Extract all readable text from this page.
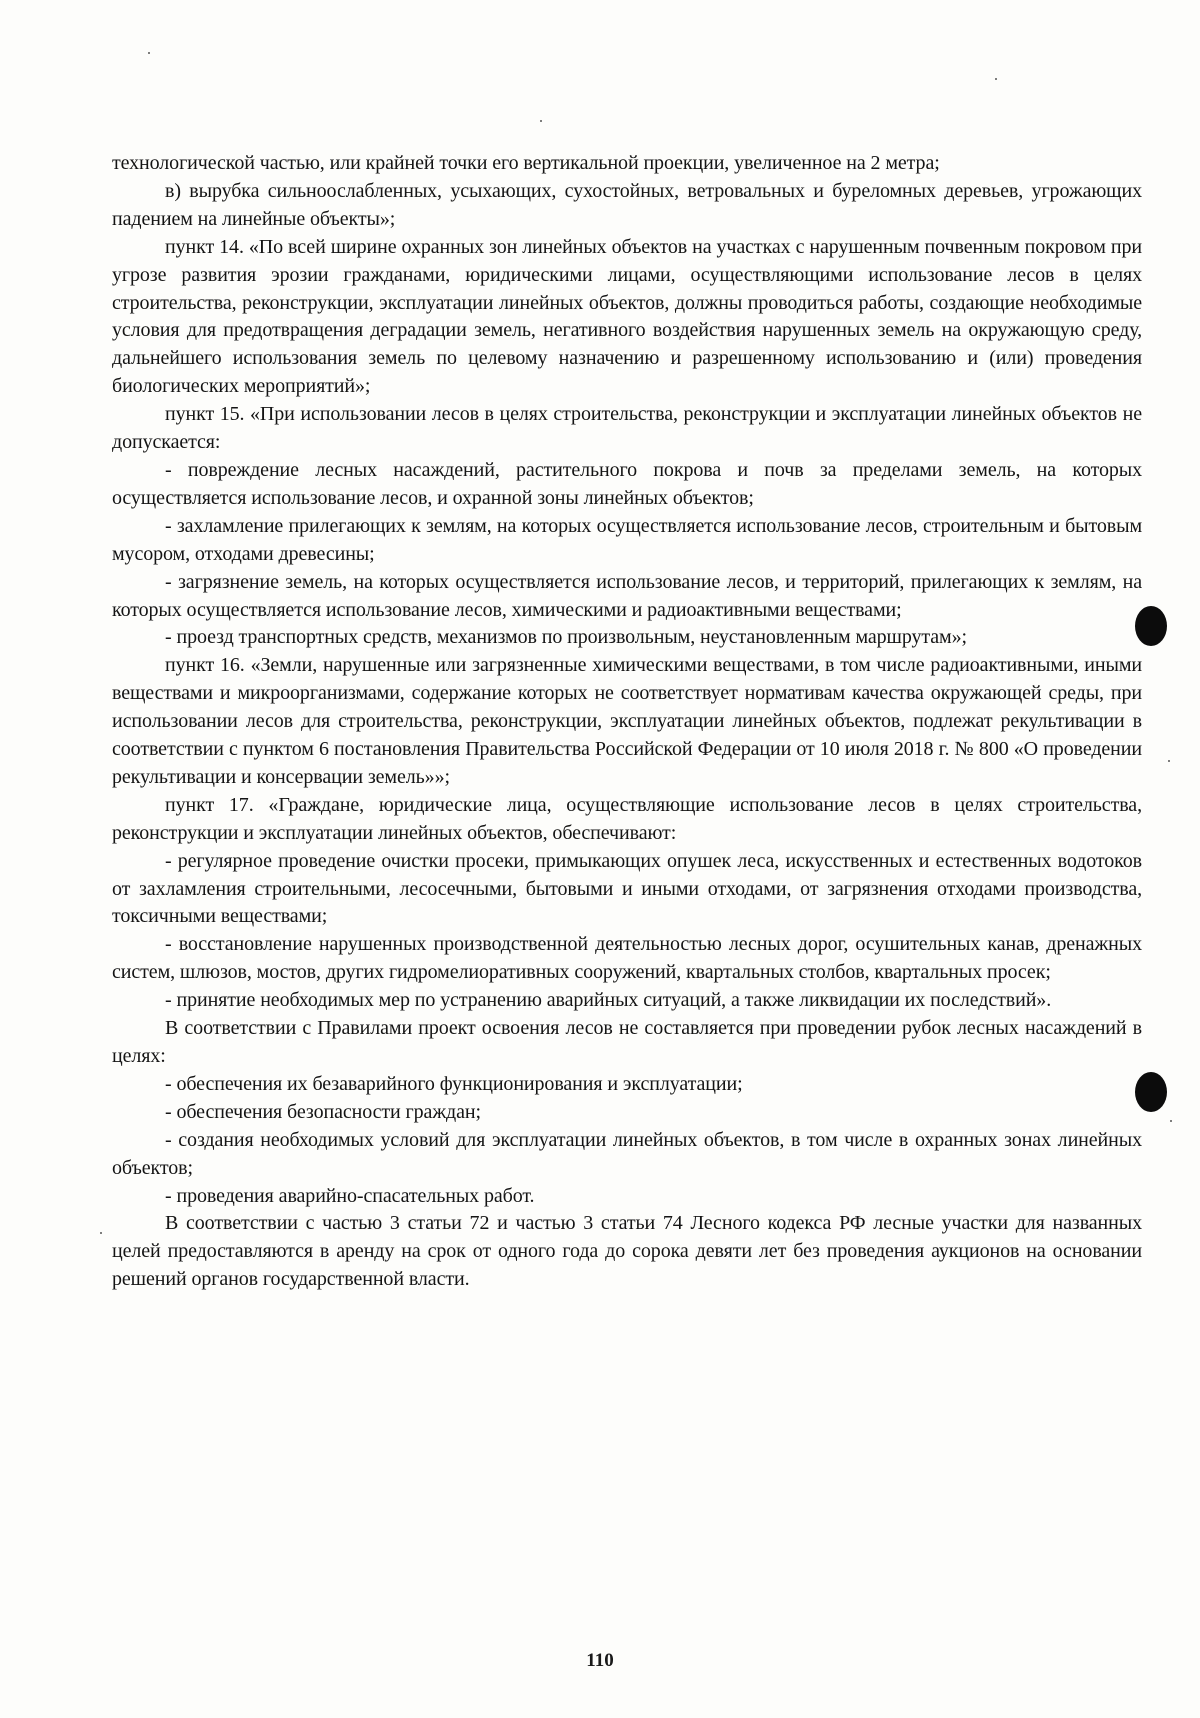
технологической частью, или крайней точки его вертикальной проекции, увеличенное на 2 метра;

в) вырубка сильноослабленных, усыхающих, сухостойных, ветровальных и буреломных деревьев, угрожающих падением на линейные объекты»;

пункт 14. «По всей ширине охранных зон линейных объектов на участках с нарушенным почвенным покровом при угрозе развития эрозии гражданами, юридическими лицами, осуществляющими использование лесов в целях строительства, реконструкции, эксплуатации линейных объектов, должны проводиться работы, создающие необходимые условия для предотвращения деградации земель, негативного воздействия нарушенных земель на окружающую среду, дальнейшего использования земель по целевому назначению и разрешенному использованию и (или) проведения биологических мероприятий»;

пункт 15. «При использовании лесов в целях строительства, реконструкции и эксплуатации линейных объектов не допускается:

- повреждение лесных насаждений, растительного покрова и почв за пределами земель, на которых осуществляется использование лесов, и охранной зоны линейных объектов;

- захламление прилегающих к землям, на которых осуществляется использование лесов, строительным и бытовым мусором, отходами древесины;

- загрязнение земель, на которых осуществляется использование лесов, и территорий, прилегающих к землям, на которых осуществляется использование лесов, химическими и радиоактивными веществами;

- проезд транспортных средств, механизмов по произвольным, неустановленным маршрутам»;

пункт 16. «Земли, нарушенные или загрязненные химическими веществами, в том числе радиоактивными, иными веществами и микроорганизмами, содержание которых не соответствует нормативам качества окружающей среды, при использовании лесов для строительства, реконструкции, эксплуатации линейных объектов, подлежат рекультивации в соответствии с пунктом 6 постановления Правительства Российской Федерации от 10 июля 2018 г. № 800 «О проведении рекультивации и консервации земель»»;

пункт 17. «Граждане, юридические лица, осуществляющие использование лесов в целях строительства, реконструкции и эксплуатации линейных объектов, обеспечивают:

- регулярное проведение очистки просеки, примыкающих опушек леса, искусственных и естественных водотоков от захламления строительными, лесосечными, бытовыми и иными отходами, от загрязнения отходами производства, токсичными веществами;

- восстановление нарушенных производственной деятельностью лесных дорог, осушительных канав, дренажных систем, шлюзов, мостов, других гидромелиоративных сооружений, квартальных столбов, квартальных просек;

- принятие необходимых мер по устранению аварийных ситуаций, а также ликвидации их последствий».

В соответствии с Правилами проект освоения лесов не составляется при проведении рубок лесных насаждений в целях:

- обеспечения их безаварийного функционирования и эксплуатации;

- обеспечения безопасности граждан;

- создания необходимых условий для эксплуатации линейных объектов, в том числе в охранных зонах линейных объектов;

- проведения аварийно-спасательных работ.

В соответствии с частью 3 статьи 72 и частью 3 статьи 74 Лесного кодекса РФ лесные участки для названных целей предоставляются в аренду на срок от одного года до сорока девяти лет без проведения аукционов на основании решений органов государственной власти.

110
